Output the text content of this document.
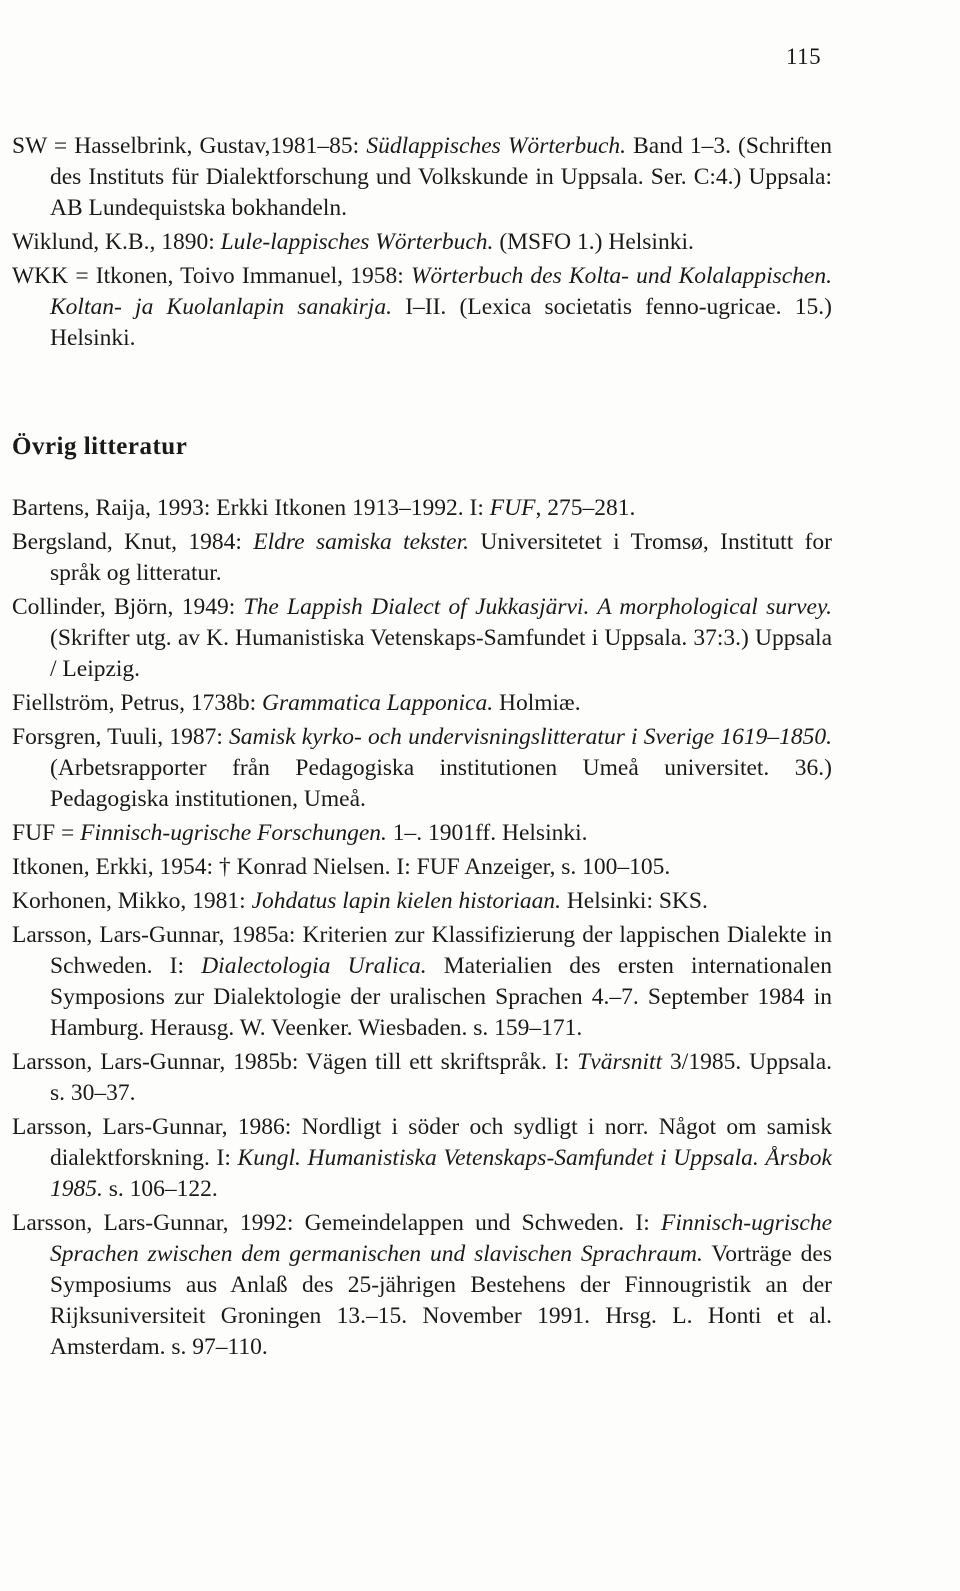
115

SW = Hasselbrink, Gustav,1981–85: Südlappisches Wörterbuch. Band 1–3. (Schriften des Instituts für Dialektforschung und Volkskunde in Uppsala. Ser. C:4.) Uppsala: AB Lundequistska bokhandeln.

Wiklund, K.B., 1890: Lule-lappisches Wörterbuch. (MSFO 1.) Helsinki.

WKK = Itkonen, Toivo Immanuel, 1958: Wörterbuch des Kolta- und Kolalappischen. Koltan- ja Kuolanlapin sanakirja. I–II. (Lexica societatis fenno-ugricae. 15.) Helsinki.

Övrig litteratur

Bartens, Raija, 1993: Erkki Itkonen 1913–1992. I: FUF, 275–281.

Bergsland, Knut, 1984: Eldre samiska tekster. Universitetet i Tromsø, Institutt for språk og litteratur.

Collinder, Björn, 1949: The Lappish Dialect of Jukkasjärvi. A morphological survey. (Skrifter utg. av K. Humanistiska Vetenskaps-Samfundet i Uppsala. 37:3.) Uppsala / Leipzig.

Fiellström, Petrus, 1738b: Grammatica Lapponica. Holmiæ.

Forsgren, Tuuli, 1987: Samisk kyrko- och undervisningslitteratur i Sverige 1619–1850. (Arbetsrapporter från Pedagogiska institutionen Umeå universitet. 36.) Pedagogiska institutionen, Umeå.

FUF = Finnisch-ugrische Forschungen. 1–. 1901ff. Helsinki.

Itkonen, Erkki, 1954: † Konrad Nielsen. I: FUF Anzeiger, s. 100–105.

Korhonen, Mikko, 1981: Johdatus lapin kielen historiaan. Helsinki: SKS.

Larsson, Lars-Gunnar, 1985a: Kriterien zur Klassifizierung der lappischen Dialekte in Schweden. I: Dialectologia Uralica. Materialien des ersten internationalen Symposions zur Dialektologie der uralischen Sprachen 4.–7. September 1984 in Hamburg. Herausg. W. Veenker. Wiesbaden. s. 159–171.

Larsson, Lars-Gunnar, 1985b: Vägen till ett skriftspråk. I: Tvärsnitt 3/1985. Uppsala. s. 30–37.

Larsson, Lars-Gunnar, 1986: Nordligt i söder och sydligt i norr. Något om samisk dialektforskning. I: Kungl. Humanistiska Vetenskaps-Samfundet i Uppsala. Årsbok 1985. s. 106–122.

Larsson, Lars-Gunnar, 1992: Gemeindelappen und Schweden. I: Finnisch-ugrische Sprachen zwischen dem germanischen und slavischen Sprachraum. Vorträge des Symposiums aus Anlaß des 25-jährigen Bestehens der Finnougristik an der Rijksuniversiteit Groningen 13.–15. November 1991. Hrsg. L. Honti et al. Amsterdam. s. 97–110.
